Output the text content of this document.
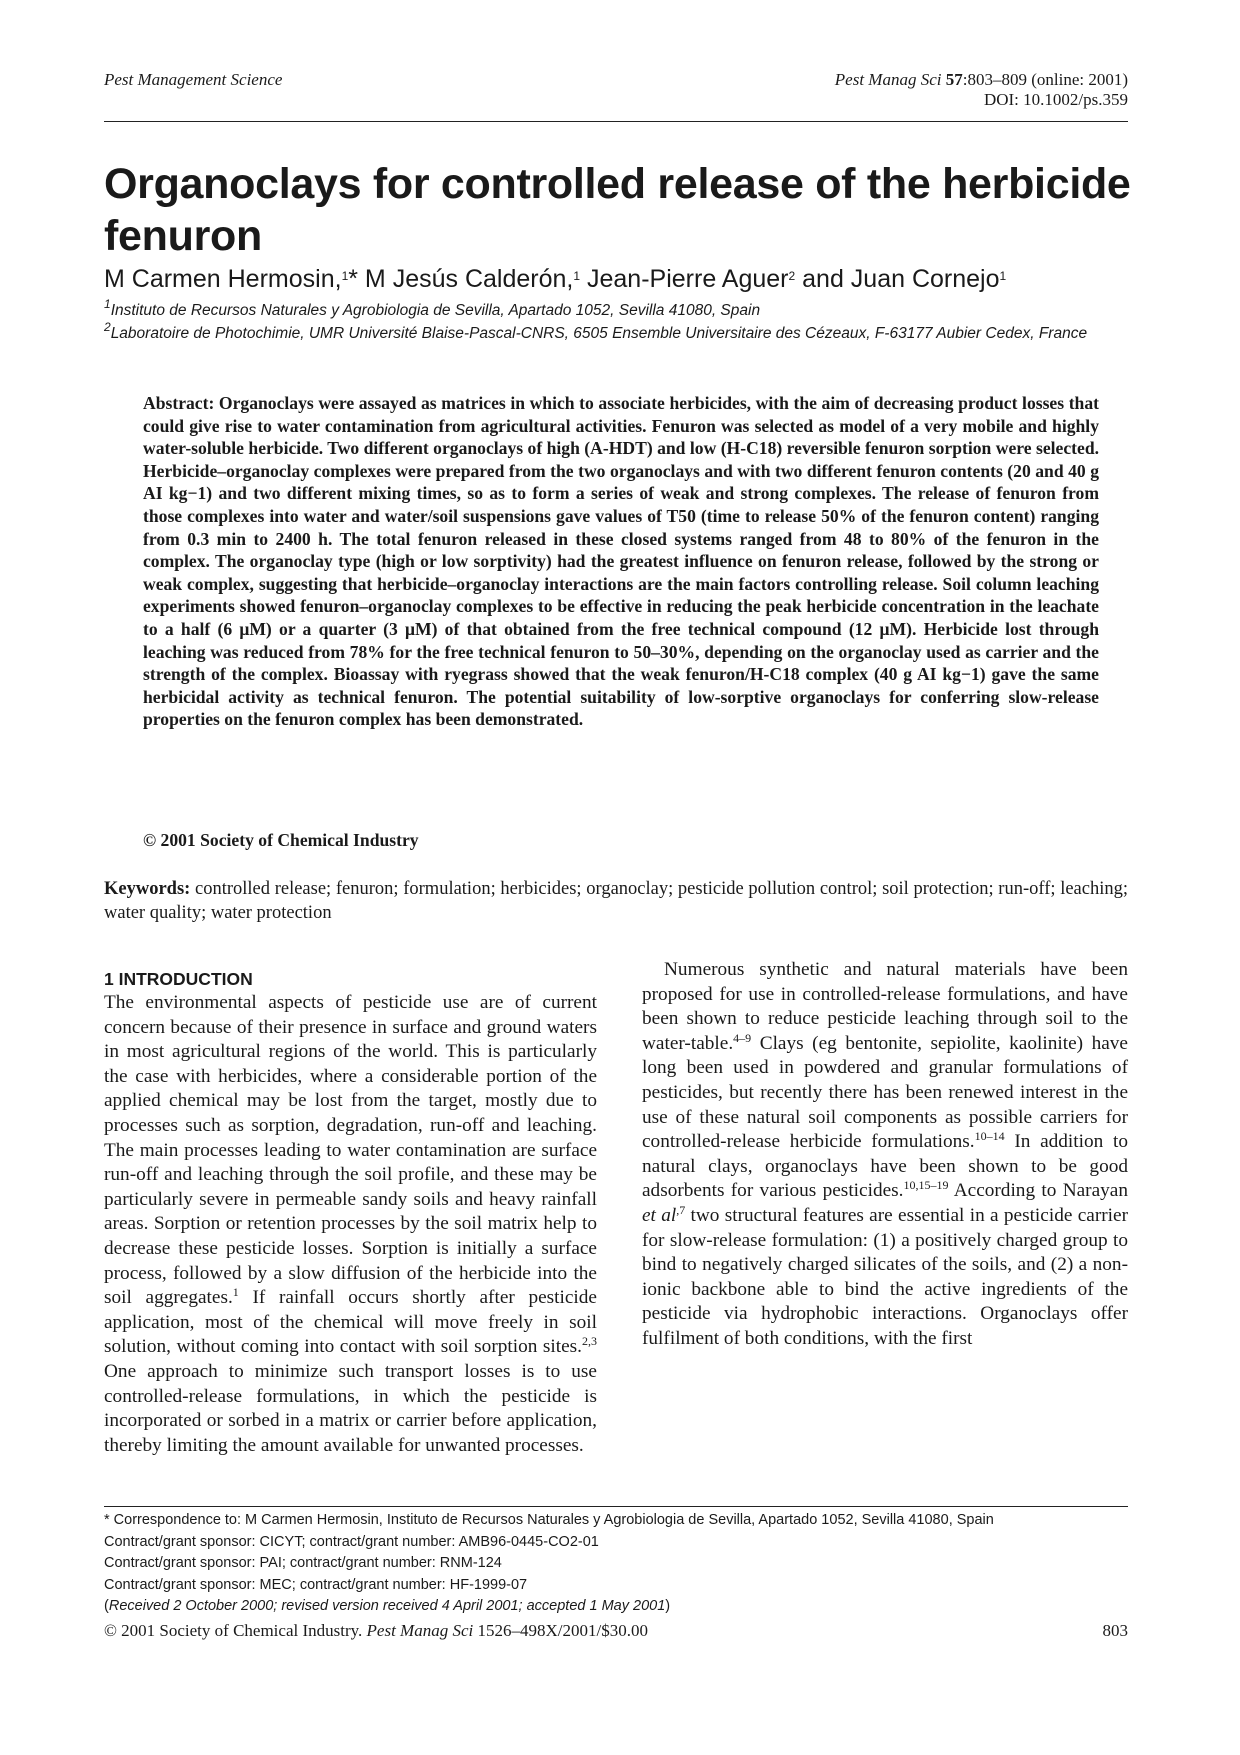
Pest Management Science	Pest Manag Sci 57:803–809 (online: 2001)
DOI: 10.1002/ps.359
Organoclays for controlled release of the herbicide fenuron
M Carmen Hermosin,$^1$* M Jesús Calderón,$^1$ Jean-Pierre Aguer$^2$ and Juan Cornejo$^1$
$^1$Instituto de Recursos Naturales y Agrobiologia de Sevilla, Apartado 1052, Sevilla 41080, Spain
$^2$Laboratoire de Photochimie, UMR Université Blaise-Pascal-CNRS, 6505 Ensemble Universitaire des Cézeaux, F-63177 Aubier Cedex, France

Abstract: Organoclays were assayed as matrices in which to associate herbicides, with the aim of decreasing product losses that could give rise to water contamination from agricultural activities. Fenuron was selected as model of a very mobile and highly water-soluble herbicide. Two different organoclays of high (A-HDT) and low (H-C18) reversible fenuron sorption were selected. Herbicide–organoclay complexes were prepared from the two organoclays and with two different fenuron contents (20 and 40 g AI kg−1) and two different mixing times, so as to form a series of weak and strong complexes. The release of fenuron from those complexes into water and water/soil suspensions gave values of T50 (time to release 50% of the fenuron content) ranging from 0.3 min to 2400 h. The total fenuron released in these closed systems ranged from 48 to 80% of the fenuron in the complex. The organoclay type (high or low sorptivity) had the greatest influence on fenuron release, followed by the strong or weak complex, suggesting that herbicide–organoclay interactions are the main factors controlling release. Soil column leaching experiments showed fenuron–organoclay complexes to be effective in reducing the peak herbicide concentration in the leachate to a half (6 μM) or a quarter (3 μM) of that obtained from the free technical compound (12 μM). Herbicide lost through leaching was reduced from 78% for the free technical fenuron to 50–30%, depending on the organoclay used as carrier and the strength of the complex. Bioassay with ryegrass showed that the weak fenuron/H-C18 complex (40 g AI kg−1) gave the same herbicidal activity as technical fenuron. The potential suitability of low-sorptive organoclays for conferring slow-release properties on the fenuron complex has been demonstrated.

© 2001 Society of Chemical Industry
Keywords: controlled release; fenuron; formulation; herbicides; organoclay; pesticide pollution control; soil protection; run-off; leaching; water quality; water protection
1 INTRODUCTION

The environmental aspects of pesticide use are of current concern because of their presence in surface and ground waters in most agricultural regions of the world. This is particularly the case with herbicides, where a considerable portion of the applied chemical may be lost from the target, mostly due to processes such as sorption, degradation, run-off and leaching. The main processes leading to water contamination are surface run-off and leaching through the soil profile, and these may be particularly severe in permeable sandy soils and heavy rainfall areas. Sorption or retention processes by the soil matrix help to decrease these pesticide losses. Sorption is initially a surface process, followed by a slow diffusion of the herbicide into the soil aggregates.$^1$ If rainfall occurs shortly after pesticide application, most of the chemical will move freely in soil solution, without coming into contact with soil sorption sites.$^{2,3}$ One approach to minimize such transport losses is to use controlled-release formulations, in which the pesticide is incorporated or sorbed in a matrix or carrier before application, thereby limiting the amount available for unwanted processes.

Numerous synthetic and natural materials have been proposed for use in controlled-release formulations, and have been shown to reduce pesticide leaching through soil to the water-table.$^{4-9}$ Clays (eg bentonite, sepiolite, kaolinite) have long been used in powdered and granular formulations of pesticides, but recently there has been renewed interest in the use of these natural soil components as possible carriers for controlled-release herbicide formulations.$^{10-14}$ In addition to natural clays, organoclays have been shown to be good adsorbents for various pesticides.$^{10,15-19}$ According to Narayan et $al^{,7}$ two structural features are essential in a pesticide carrier for slow-release formulation: (1) a positively charged group to bind to negatively charged silicates of the soils, and (2) a non-ionic backbone able to bind the active ingredients of the pesticide via hydrophobic interactions. Organoclays offer fulfilment of both conditions, with the first

* Correspondence to: M Carmen Hermosin, Instituto de Recursos Naturales y Agrobiologia de Sevilla, Apartado 1052, Sevilla 41080, Spain
Contract/grant sponsor: CICYT; contract/grant number: AMB96-0445-CO2-01
Contract/grant sponsor: PAI; contract/grant number: RNM-124
Contract/grant sponsor: MEC; contract/grant number: HF-1999-07
(Received 2 October 2000; revised version received 4 April 2001; accepted 1 May 2001)
© 2001 Society of Chemical Industry. Pest Manag Sci 1526–498X/2001/$30.00	803
